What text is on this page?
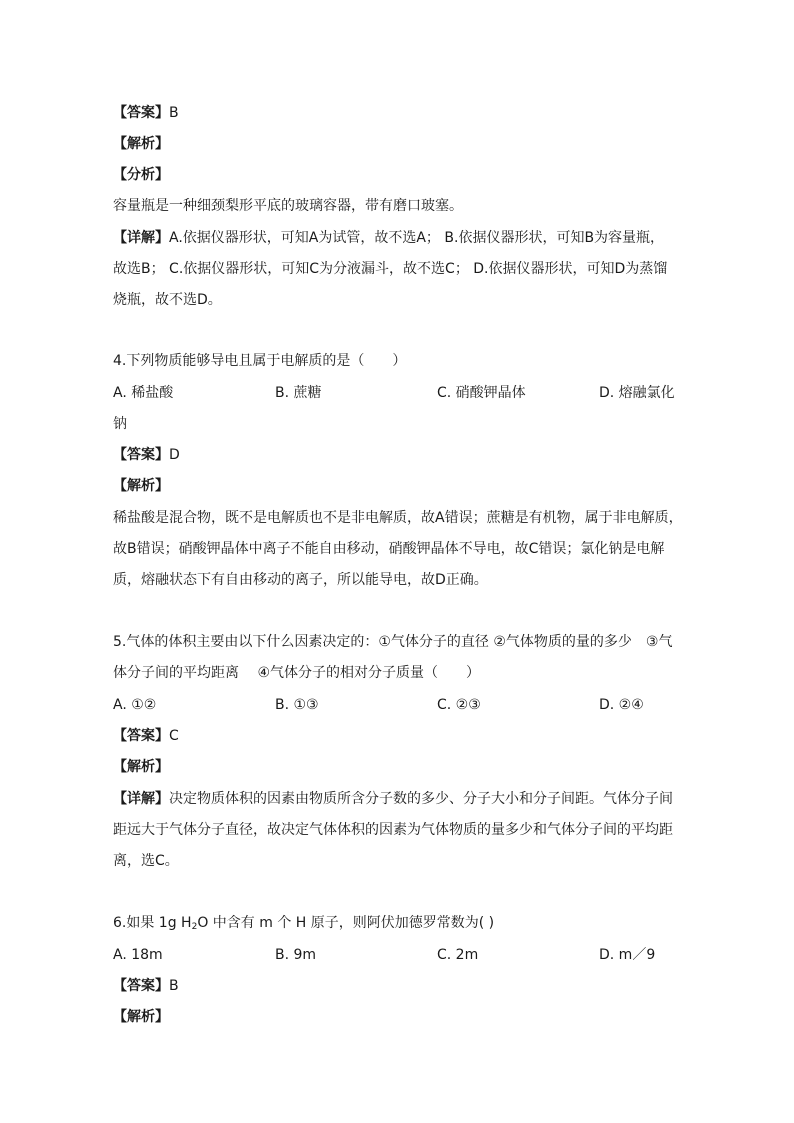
【答案】B
【解析】
【分析】
容量瓶是一种细颈梨形平底的玻璃容器，带有磨口玻塞。
【详解】A.依据仪器形状，可知A为试管，故不选A； B.依据仪器形状，可知B为容量瓶，
故选B； C.依据仪器形状，可知C为分液漏斗，故不选C； D.依据仪器形状，可知D为蒸馏
烧瓶，故不选D。
4.下列物质能够导电且属于电解质的是（　　）
A. 稀盐酸	B. 蔗糖	C. 硝酸钾晶体	D. 熔融氯化
钠
【答案】D
【解析】
稀盐酸是混合物，既不是电解质也不是非电解质，故A错误；蔗糖是有机物，属于非电解质，
故B错误；硝酸钾晶体中离子不能自由移动，硝酸钾晶体不导电，故C错误；氯化钠是电解
质，熔融状态下有自由移动的离子，所以能导电，故D正确。
5.气体的体积主要由以下什么因素决定的：①气体分子的直径 ②气体物质的量的多少　③气
体分子间的平均距离　 ④气体分子的相对分子质量（　　）
A. ①②	B. ①③	C. ②③	D. ②④
【答案】C
【解析】
【详解】决定物质体积的因素由物质所含分子数的多少、分子大小和分子间距。气体分子间
距远大于气体分子直径，故决定气体体积的因素为气体物质的量多少和气体分子间的平均距
离，选C。
6.如果 1g $H_2O$ 中含有 m 个 H 原子，则阿伏加德罗常数为( )
A. 18m	B. 9m	C. 2m	D. m／9
【答案】B
【解析】
